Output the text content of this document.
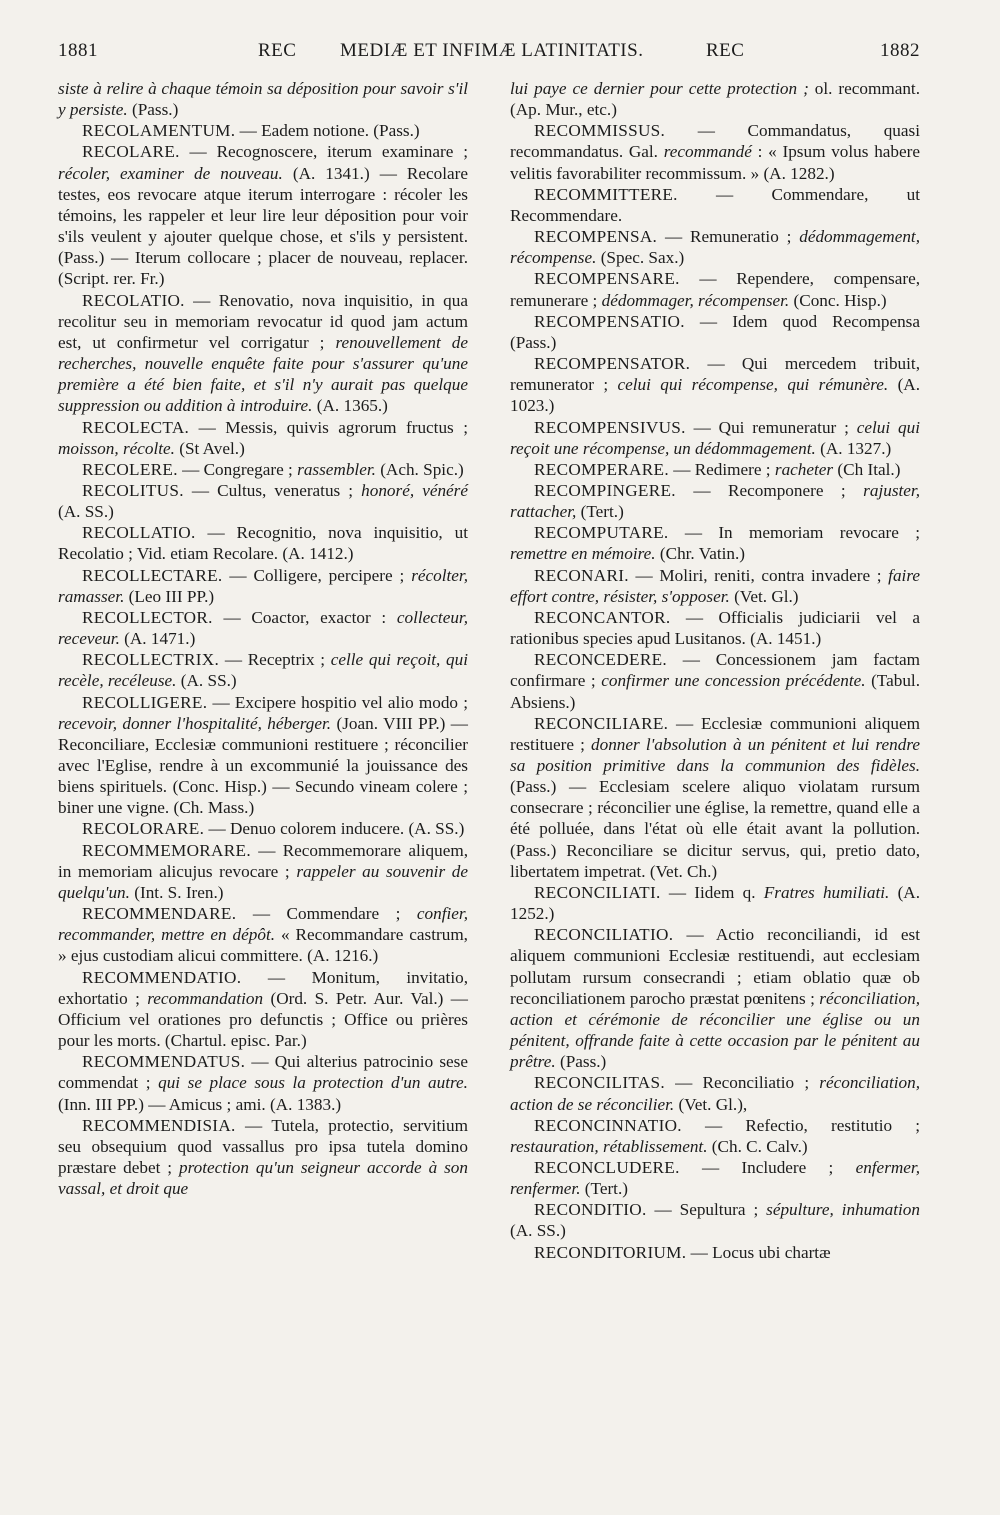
1881	REC MEDIÆ ET INFIMÆ LATINITATIS.	REC	1882

siste à relire à chaque témoin sa déposition pour savoir s'il y persiste. (Pass.)

RECOLAMENTUM. — Eadem notione. (Pass.)

RECOLARE. — Recognoscere, iterum examinare ; récoler, examiner de nouveau. (A. 1341.) — Recolare testes, eos revocare atque iterum interrogare : récoler les témoins, les rappeler et leur lire leur déposition pour voir s'ils veulent y ajouter quelque chose, et s'ils y persistent. (Pass.) — Iterum collocare ; placer de nouveau, replacer. (Script. rer. Fr.)

RECOLATIO. — Renovatio, nova inquisitio, in qua recolitur seu in memoriam revocatur id quod jam actum est, ut confirmetur vel corrigatur ; renouvellement de recherches, nouvelle enquête faite pour s'assurer qu'une première a été bien faite, et s'il n'y aurait pas quelque suppression ou addition à introduire. (A. 1365.)

RECOLECTA. — Messis, quivis agrorum fructus ; moisson, récolte. (St Avel.)

RECOLERE. — Congregare ; rassembler. (Ach. Spic.)

RECOLITUS. — Cultus, veneratus ; honoré, vénéré (A. SS.)

RECOLLATIO. — Recognitio, nova inquisitio, ut Recolatio ; Vid. etiam Recolare. (A. 1412.)

RECOLLECTARE. — Colligere, percipere ; récolter, ramasser. (Leo III PP.)

RECOLLECTOR. — Coactor, exactor : collecteur, receveur. (A. 1471.)

RECOLLECTRIX. — Receptrix ; celle qui reçoit, qui recèle, recéleuse. (A. SS.)

RECOLLIGERE. — Excipere hospitio vel alio modo ; recevoir, donner l'hospitalité, héberger. (Joan. VIII PP.) — Reconciliare, Ecclesiæ communioni restituere ; réconcilier avec l'Eglise, rendre à un excommunié la jouissance des biens spirituels. (Conc. Hisp.) — Secundo vineam colere ; biner une vigne. (Ch. Mass.)

RECOLORARE. — Denuo colorem inducere. (A. SS.)

RECOMMEMORARE. — Recommemorare aliquem, in memoriam alicujus revocare ; rappeler au souvenir de quelqu'un. (Int. S. Iren.)

RECOMMENDARE. — Commendare ; confier, recommander, mettre en dépôt. « Recommandare castrum, » ejus custodiam alicui committere. (A. 1216.)

RECOMMENDATIO. — Monitum, invitatio, exhortatio ; recommandation (Ord. S. Petr. Aur. Val.) — Officium vel orationes pro defunctis ; Office ou prières pour les morts. (Chartul. episc. Par.)

RECOMMENDATUS. — Qui alterius patrocinio sese commendat ; qui se place sous la protection d'un autre. (Inn. III PP.) — Amicus ; ami. (A. 1383.)

RECOMMENDISIA. — Tutela, protectio, servitium seu obsequium quod vassallus pro ipsa tutela domino præstare debet ; protection qu'un seigneur accorde à son vassal, et droit que

lui paye ce dernier pour cette protection ; ol. recommant. (Ap. Mur., etc.)

RECOMMISSUS. — Commandatus, quasi recommandatus. Gal. recommandé : « Ipsum volus habere velitis favorabiliter recommissum. » (A. 1282.)

RECOMMITTERE. — Commendare, ut Recommendare.

RECOMPENSA. — Remuneratio ; dédommagement, récompense. (Spec. Sax.)

RECOMPENSARE. — Rependere, compensare, remunerare ; dédommager, récompenser. (Conc. Hisp.)

RECOMPENSATIO. — Idem quod Recompensa (Pass.)

RECOMPENSATOR. — Qui mercedem tribuit, remunerator ; celui qui récompense, qui rémunère. (A. 1023.)

RECOMPENSIVUS. — Qui remuneratur ; celui qui reçoit une récompense, un dédommagement. (A. 1327.)

RECOMPERARE. — Redimere ; racheter (Ch Ital.)

RECOMPINGERE. — Recomponere ; rajuster, rattacher, (Tert.)

RECOMPUTARE. — In memoriam revocare ; remettre en mémoire. (Chr. Vatin.)

RECONARI. — Moliri, reniti, contra invadere ; faire effort contre, résister, s'opposer. (Vet. Gl.)

RECONCANTOR. — Officialis judiciarii vel a rationibus species apud Lusitanos. (A. 1451.)

RECONCEDERE. — Concessionem jam factam confirmare ; confirmer une concession précédente. (Tabul. Absiens.)

RECONCILIARE. — Ecclesiæ communioni aliquem restituere ; donner l'absolution à un pénitent et lui rendre sa position primitive dans la communion des fidèles. (Pass.) — Ecclesiam scelere aliquo violatam rursum consecrare ; réconcilier une église, la remettre, quand elle a été polluée, dans l'état où elle était avant la pollution. (Pass.) Reconciliare se dicitur servus, qui, pretio dato, libertatem impetrat. (Vet. Ch.)

RECONCILIATI. — Iidem q. Fratres humiliati. (A. 1252.)

RECONCILIATIO. — Actio reconciliandi, id est aliquem communioni Ecclesiæ restituendi, aut ecclesiam pollutam rursum consecrandi ; etiam oblatio quæ ob reconciliationem parocho præstat pœnitens ; réconciliation, action et cérémonie de réconcilier une église ou un pénitent, offrande faite à cette occasion par le pénitent au prêtre. (Pass.)

RECONCILITAS. — Reconciliatio ; réconciliation, action de se réconcilier. (Vet. Gl.),

RECONCINNATIO. — Refectio, restitutio ; restauration, rétablissement. (Ch. C. Calv.)

RECONCLUDERE. — Includere ; enfermer, renfermer. (Tert.)

RECONDITIO. — Sepultura ; sépulture, inhumation (A. SS.)

RECONDITORIUM. — Locus ubi chartæ
